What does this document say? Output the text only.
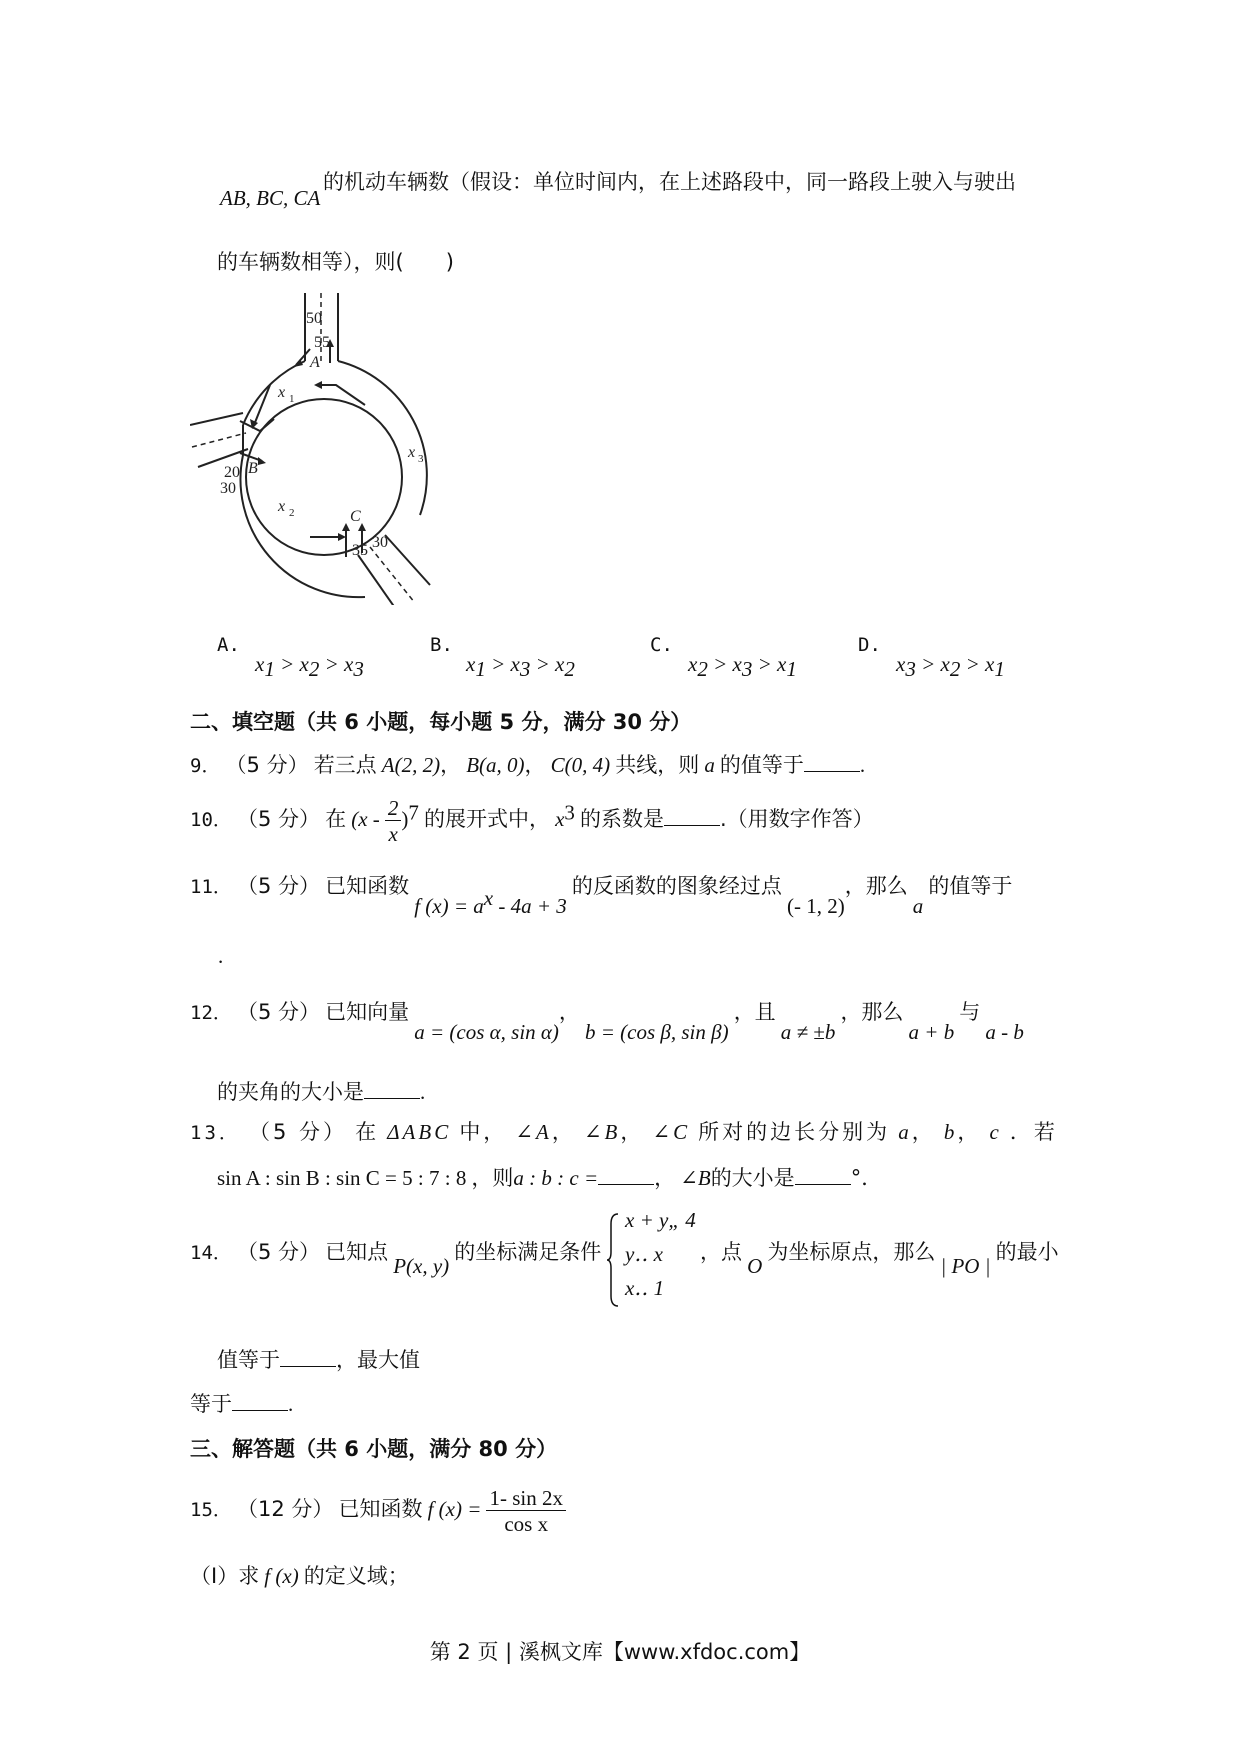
AB, BC, CA
的机动车辆数（假设：单位时间内，在上述路段中，同一路段上驶入与驶出
的车辆数相等），则(　　)
50
55
A
x 1
x 3
20
30
B
x 2	C
35 30
A.
$x_1 > x_2 > x_3$
B.
$x_1 > x_3 > x_2$
C.
$x_2 > x_3 > x_1$
D.
$x_3 > x_2 > x_1$
二、填空题（共 6 小题，每小题 5 分，满分 30 分）
9． （5 分） 若三点 A(2, 2)， B(a, 0)， C(0, 4) 共线，则 a 的值等于	.
10． （5 分） 在 $(x - \frac{2}{x} )^7$ 的展开式中， $x^3$ 的系数是	.（用数字作答）
11． （5 分） 已知函数 f $(x) = a^x - 4a + 3$ 的反函数的图象经过点 (- 1, 2)，那么 a 的值等于
.
12． （5 分） 已知向量 a = (cos α, sin α)， b = (cos β, sin β) ，且 a ≠ ±b ，那么 a + b 与 a - b
的夹角的大小是	.
13． （5 分） 在 ΔABC 中， ∠A， ∠B， ∠C 所对的边长分别为 a， b， c ．若
sin A : sin B : sin C = 5 : 7 : 8 ，则a : b : c =	， ∠B的大小是	°．
14． （5 分） 已知点 P(x, y) 的坐标满足条件
x + y„ 4
y‥ x
x‥ 1
，点 O 为坐标原点，那么 | PO | 的最小
值等于	，最大值
等于	.
三、解答题（共 6 小题，满分 80 分）
15． （12 分） 已知函数 f $(x) = \frac{1- \sin 2x}{\text{cos x}}$
（Ⅰ）求 f (x) 的定义域；
第 2 页 | 溪枫文库【www.xfdoc.com】
